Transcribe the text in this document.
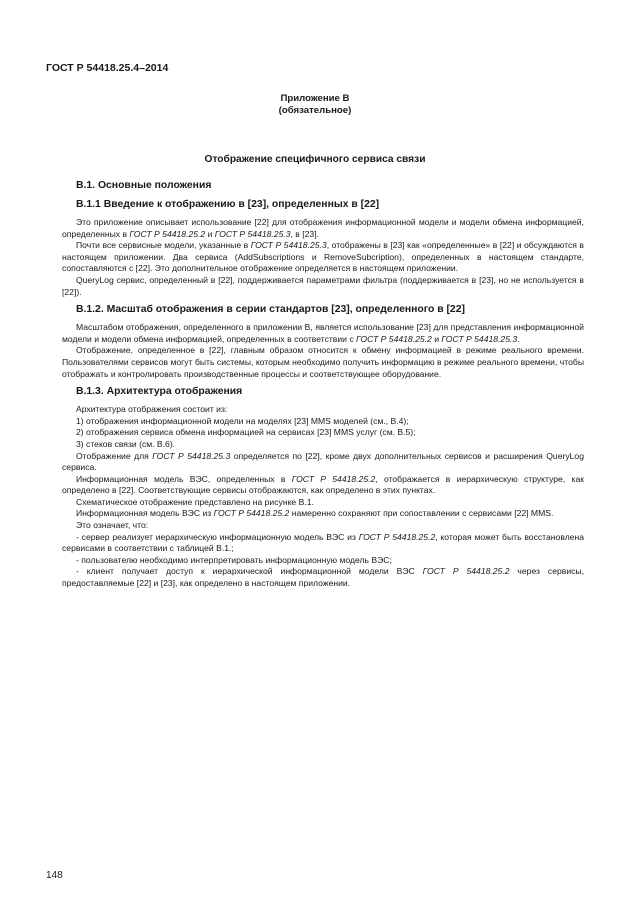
ГОСТ Р 54418.25.4–2014
Приложение В
(обязательное)
Отображение специфичного сервиса связи
В.1. Основные положения
В.1.1 Введение к отображению в [23], определенных в [22]

Это приложение описывает использование [22] для отображения информационной модели и модели обмена информацией, определенных в ГОСТ Р 54418.25.2 и ГОСТ Р 54418.25.3, в [23].

Почти все сервисные модели, указанные в ГОСТ Р 54418.25.3, отображены в [23] как «определенные» в [22] и обсуждаются в настоящем приложении. Два сервиса (AddSubscriptions и RemoveSubcription), определенных в настоящем стандарте, сопоставляются с [22]. Это дополнительное отображение определяется в настоящем приложении.

QueryLog сервис, определенный в [22], поддерживается параметрами фильтра (поддерживается в [23], но не используется в [22]).

В.1.2. Масштаб отображения в серии стандартов [23], определенного в [22]

Масштабом отображения, определенного в приложении В, является использование [23] для представления информационной модели и модели обмена информацией, определенных в соответствии с ГОСТ Р 54418.25.2 и ГОСТ Р 54418.25.3.

Отображение, определенное в [22], главным образом относится к обмену информацией в режиме реального времени. Пользователями сервисов могут быть системы, которым необходимо получить информацию в режиме реального времени, чтобы отображать и контролировать производственные процессы и соответствующее оборудование.

В.1.3. Архитектура отображения

Архитектура отображения состоит из:

1) отображения информационной модели на моделях [23] MMS моделей (см., В.4);

2) отображения сервиса обмена информацией на сервисах [23] MMS услуг (см. В.5);

3) стеков связи (см. В.6).

Отображение для ГОСТ Р 54418.25.3 определяется по [22], кроме двух дополнительных сервисов и расширения QueryLog сервиса.

Информационная модель ВЭС, определенных в ГОСТ Р 54418.25.2, отображается в иерархическую структуре, как определено в [22]. Соответствующие сервисы отображаются, как определено в этих пунктах.

Схематическое отображение представлено на рисунке В.1.

Информационная модель ВЭС из ГОСТ Р 54418.25.2 намеренно сохраняют при сопоставлении с сервисами [22] MMS.

Это означает, что:

- сервер реализует иерархическую информационную модель ВЭС из ГОСТ Р 54418.25.2, которая может быть восстановлена сервисами в соответствии с таблицей В.1.;

- пользователю необходимо интерпретировать информационную модель ВЭС;

- клиент получает доступ к иерархической информационной модели ВЭС ГОСТ Р 54418.25.2 через сервисы, предоставляемые [22] и [23], как определено в настоящем приложении.

148
